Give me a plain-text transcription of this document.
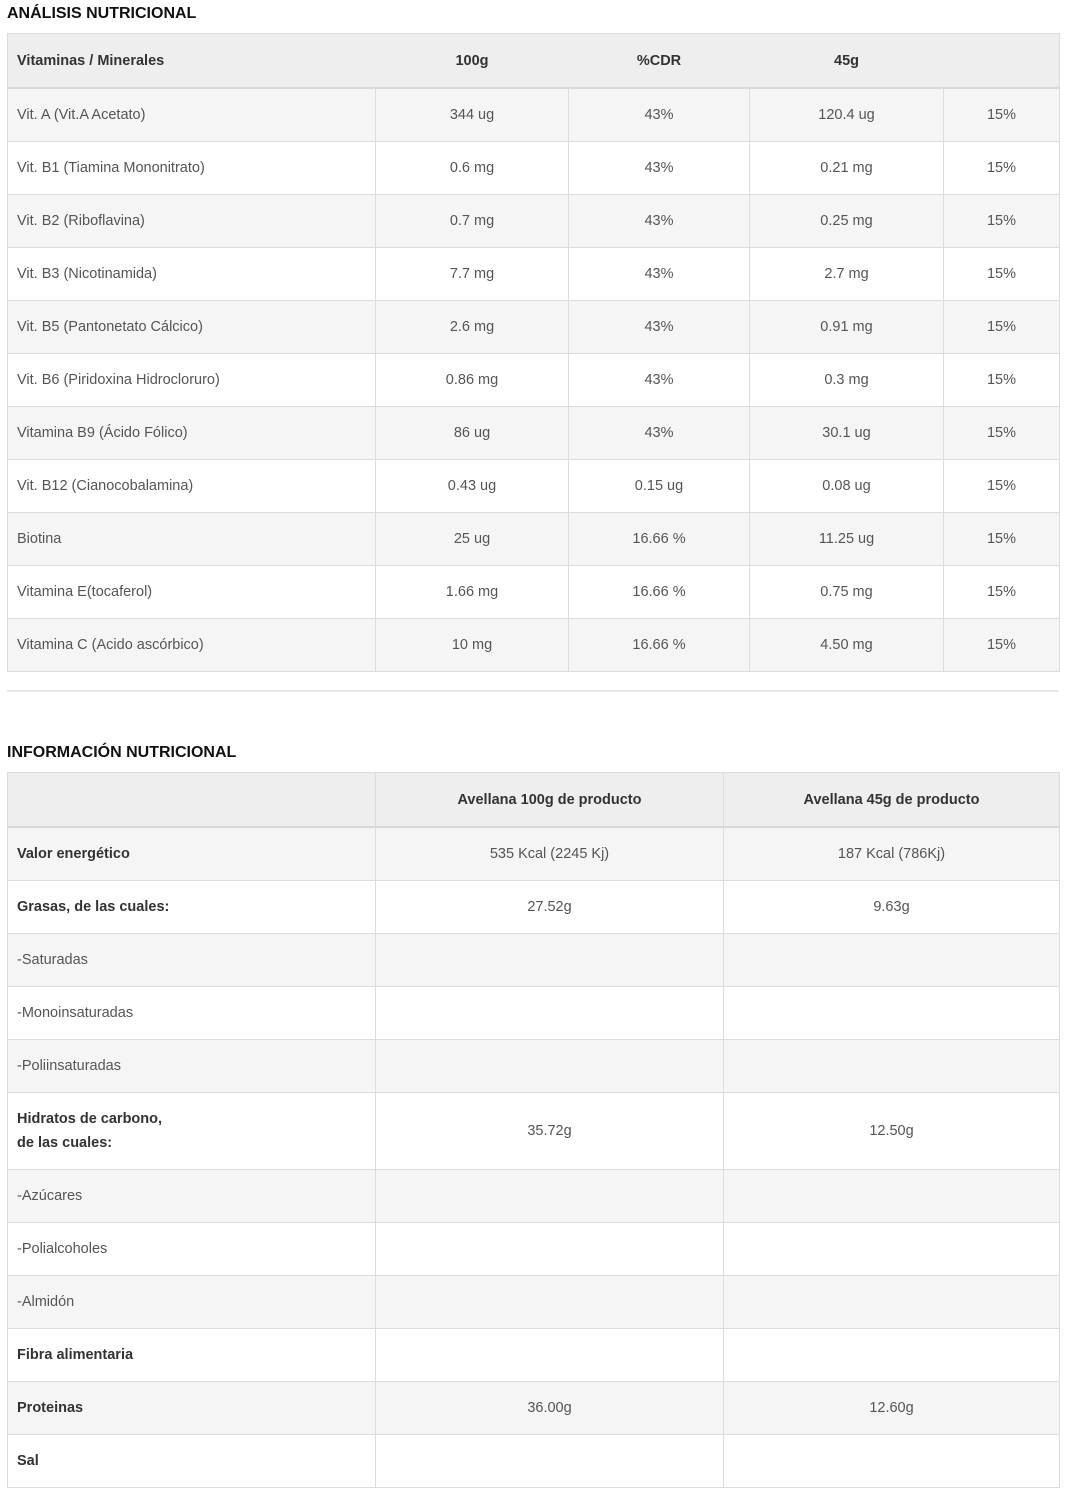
ANÁLISIS NUTRICIONAL
Vitaminas / Minerales	100g	%CDR	45g	
Vit. A (Vit.A Acetato)	344 ug	43%	120.4 ug	15%
Vit. B1 (Tiamina Mononitrato)	0.6 mg	43%	0.21 mg	15%
Vit. B2 (Riboflavina)	0.7 mg	43%	0.25 mg	15%
Vit. B3 (Nicotinamida)	7.7 mg	43%	2.7 mg	15%
Vit. B5 (Pantonetato Cálcico)	2.6 mg	43%	0.91 mg	15%
Vit. B6 (Piridoxina Hidrocloruro)	0.86 mg	43%	0.3 mg	15%
Vitamina B9 (Ácido Fólico)	86 ug	43%	30.1 ug	15%
Vit. B12 (Cianocobalamina)	0.43 ug	0.15 ug	0.08 ug	15%
Biotina	25 ug	16.66 %	11.25 ug	15%
Vitamina E(tocaferol)	1.66 mg	16.66 %	0.75 mg	15%
Vitamina C (Acido ascórbico)	10 mg	16.66 %	4.50 mg	15%
INFORMACIÓN NUTRICIONAL
	Avellana 100g de producto	Avellana 45g de producto
Valor energético	535 Kcal (2245 Kj)	187 Kcal (786Kj)
Grasas, de las cuales:	27.52g	9.63g
-Saturadas		
-Monoinsaturadas		
-Poliinsaturadas		
Hidratos de carbono,
de las cuales:	35.72g	12.50g
-Azúcares		
-Polialcoholes		
-Almidón		
Fibra alimentaria		
Proteinas	36.00g	12.60g
Sal		
